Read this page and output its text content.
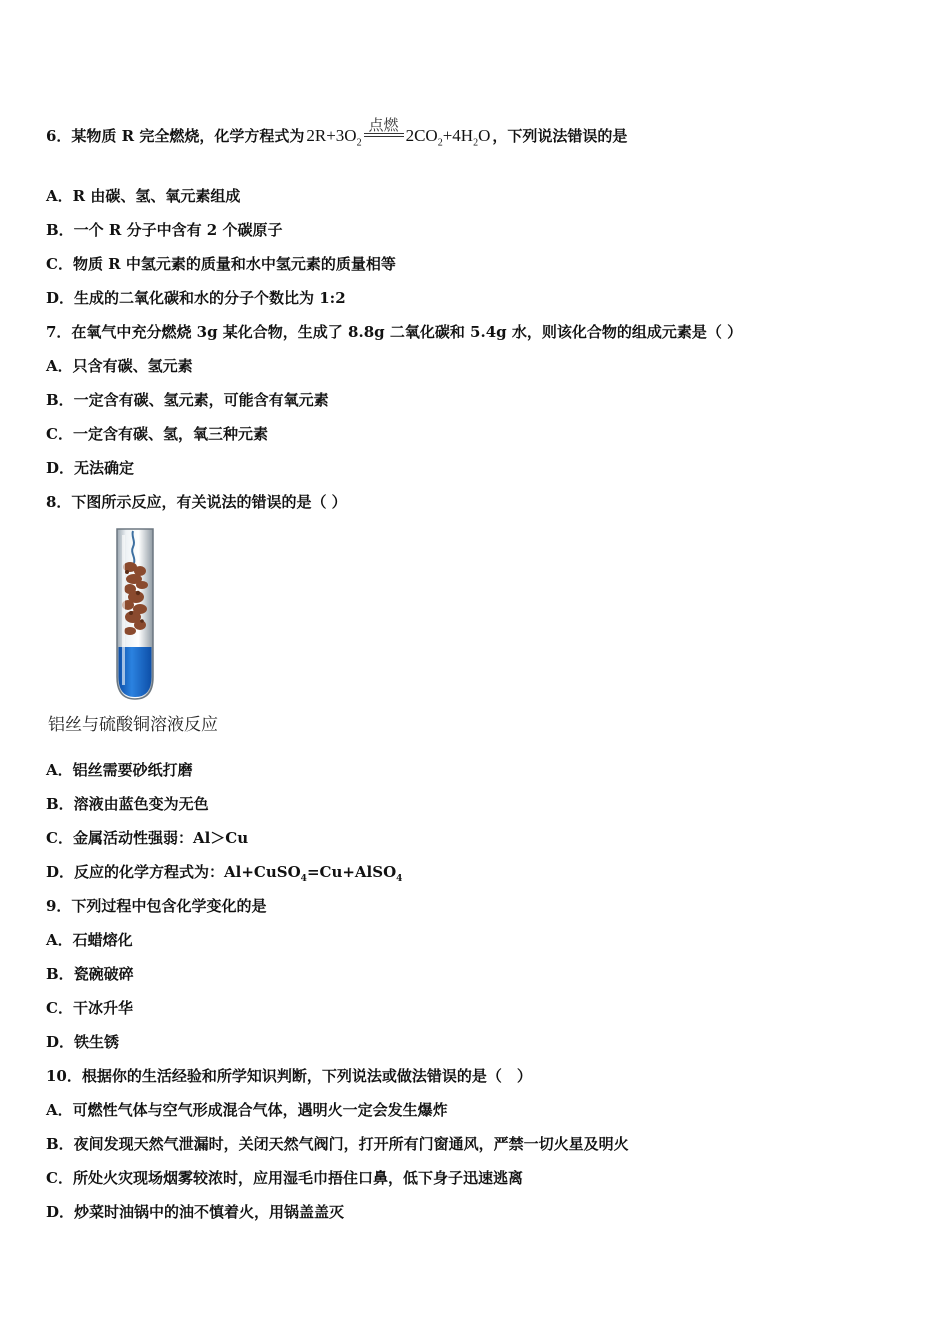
6．某物质 R 完全燃烧，化学方程式为 $2R+3O_2$
点燃
$2CO_2+4H_2O$ ，下列说法错误的是
A．R 由碳、氢、氧元素组成
B．一个 R 分子中含有 2 个碳原子
C．物质 R 中氢元素的质量和水中氢元素的质量相等
D．生成的二氧化碳和水的分子个数比为 1:2
7．在氧气中充分燃烧 3g 某化合物，生成了 8.8g 二氧化碳和 5.4g 水，则该化合物的组成元素是（ ）
A．只含有碳、氢元素
B．一定含有碳、氢元素，可能含有氧元素
C．一定含有碳、氢，氧三种元素
D．无法确定
8．下图所示反应，有关说法的错误的是（ ）
铝丝与硫酸铜溶液反应
A．铝丝需要砂纸打磨
B．溶液由蓝色变为无色
C．金属活动性强弱：Al＞Cu
D．反应的化学方程式为：Al+CuSO$_4$=Cu+AlSO$_4$
9．下列过程中包含化学变化的是
A．石蜡熔化
B．瓷碗破碎
C．干冰升华
D．铁生锈
10．根据你的生活经验和所学知识判断，下列说法或做法错误的是（　）
A．可燃性气体与空气形成混合气体，遇明火一定会发生爆炸
B．夜间发现天然气泄漏时，关闭天然气阀门，打开所有门窗通风，严禁一切火星及明火
C．所处火灾现场烟雾较浓时，应用湿毛巾捂住口鼻，低下身子迅速逃离
D．炒菜时油锅中的油不慎着火，用锅盖盖灭
